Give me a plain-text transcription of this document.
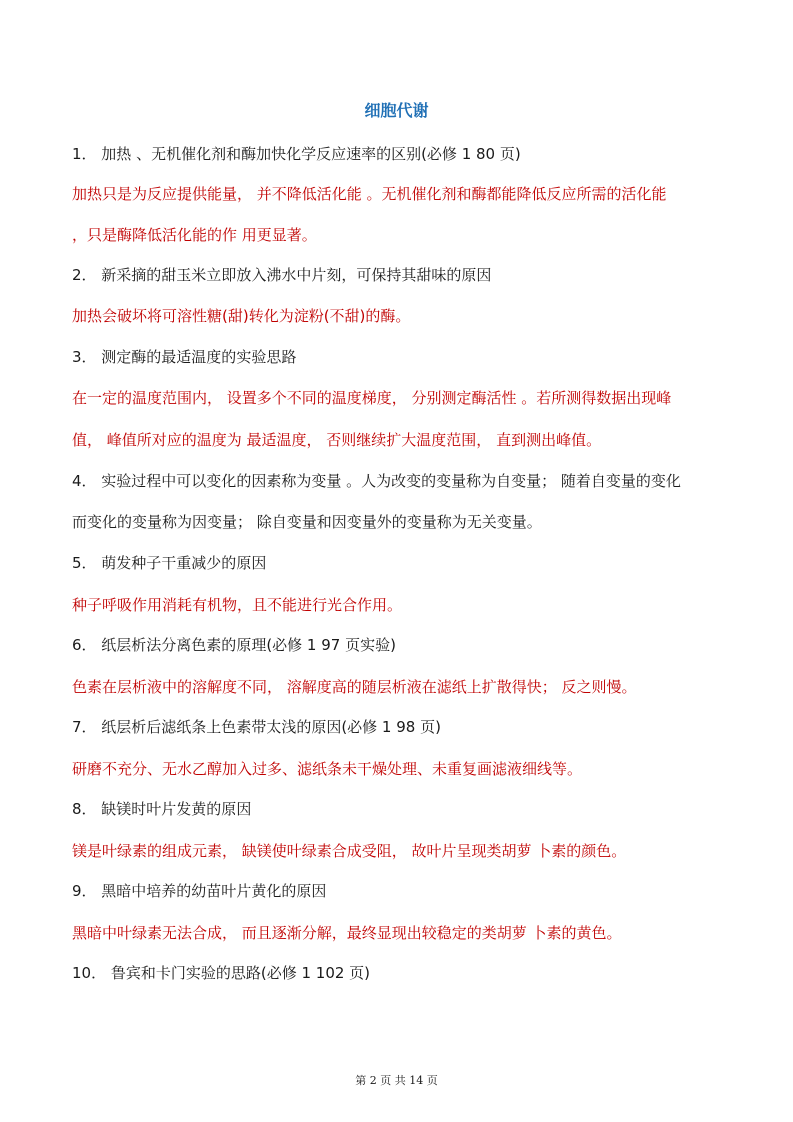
细胞代谢
1． 加热 、无机催化剂和酶加快化学反应速率的区别(必修 1 80 页)
加热只是为反应提供能量， 并不降低活化能 。无机催化剂和酶都能降低反应所需的活化能
，只是酶降低活化能的作 用更显著。
2． 新采摘的甜玉米立即放入沸水中片刻，可保持其甜味的原因
加热会破坏将可溶性糖(甜)转化为淀粉(不甜)的酶。
3． 测定酶的最适温度的实验思路
在一定的温度范围内， 设置多个不同的温度梯度， 分别测定酶活性 。若所测得数据出现峰
值， 峰值所对应的温度为 最适温度， 否则继续扩大温度范围， 直到测出峰值。
4． 实验过程中可以变化的因素称为变量 。人为改变的变量称为自变量； 随着自变量的变化
而变化的变量称为因变量； 除自变量和因变量外的变量称为无关变量。
5． 萌发种子干重减少的原因
种子呼吸作用消耗有机物，且不能进行光合作用。
6． 纸层析法分离色素的原理(必修 1 97 页实验)
色素在层析液中的溶解度不同， 溶解度高的随层析液在滤纸上扩散得快； 反之则慢。
7． 纸层析后滤纸条上色素带太浅的原因(必修 1 98 页)
研磨不充分、无水乙醇加入过多、滤纸条未干燥处理、未重复画滤液细线等。
8． 缺镁时叶片发黄的原因
镁是叶绿素的组成元素， 缺镁使叶绿素合成受阻， 故叶片呈现类胡萝 卜素的颜色。
9． 黑暗中培养的幼苗叶片黄化的原因
黑暗中叶绿素无法合成， 而且逐渐分解，最终显现出较稳定的类胡萝 卜素的黄色。
10． 鲁宾和卡门实验的思路(必修 1 102 页)
第 2 页 共 14 页
